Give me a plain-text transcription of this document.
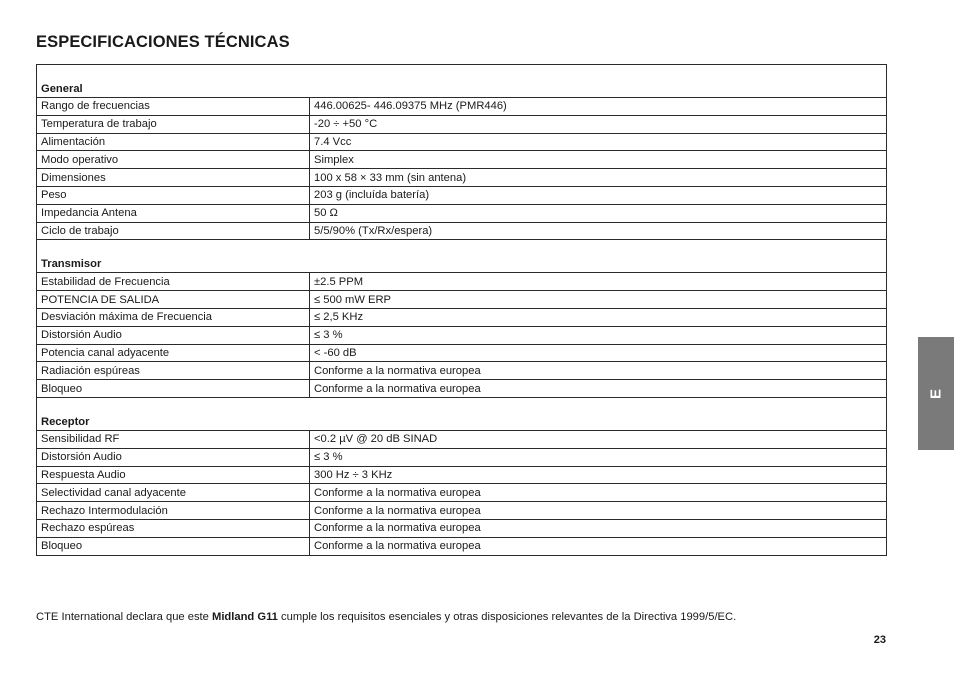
ESPECIFICACIONES TÉCNICAS
General	
Rango de frecuencias	446.00625- 446.09375 MHz (PMR446)
Temperatura de trabajo	-20 ÷ +50 °C
Alimentación	7.4 Vcc
Modo operativo	Simplex
Dimensiones	100 x 58 × 33 mm (sin antena)
Peso	203 g (incluída batería)
Impedancia Antena	50 Ω
Ciclo de trabajo	5/5/90% (Tx/Rx/espera)
Transmisor	
Estabilidad de Frecuencia	±2.5 PPM
POTENCIA DE SALIDA	≤ 500 mW ERP
Desviación máxima de Frecuencia	≤ 2,5 KHz
Distorsión Audio	≤ 3 %
Potencia canal adyacente	< -60 dB
Radiación espúreas	Conforme a la normativa europea
Bloqueo	Conforme a la normativa europea
Receptor	
Sensibilidad RF	<0.2 µV @ 20 dB SINAD
Distorsión Audio	≤ 3 %
Respuesta Audio	300 Hz ÷ 3 KHz
Selectividad canal adyacente	Conforme a la normativa europea
Rechazo Intermodulación	Conforme a la normativa europea
Rechazo espúreas	Conforme a la normativa europea
Bloqueo	Conforme a la normativa europea
E
CTE International declara que este Midland G11 cumple los requisitos esenciales y otras disposiciones relevantes de la Directiva 1999/5/EC.
23
